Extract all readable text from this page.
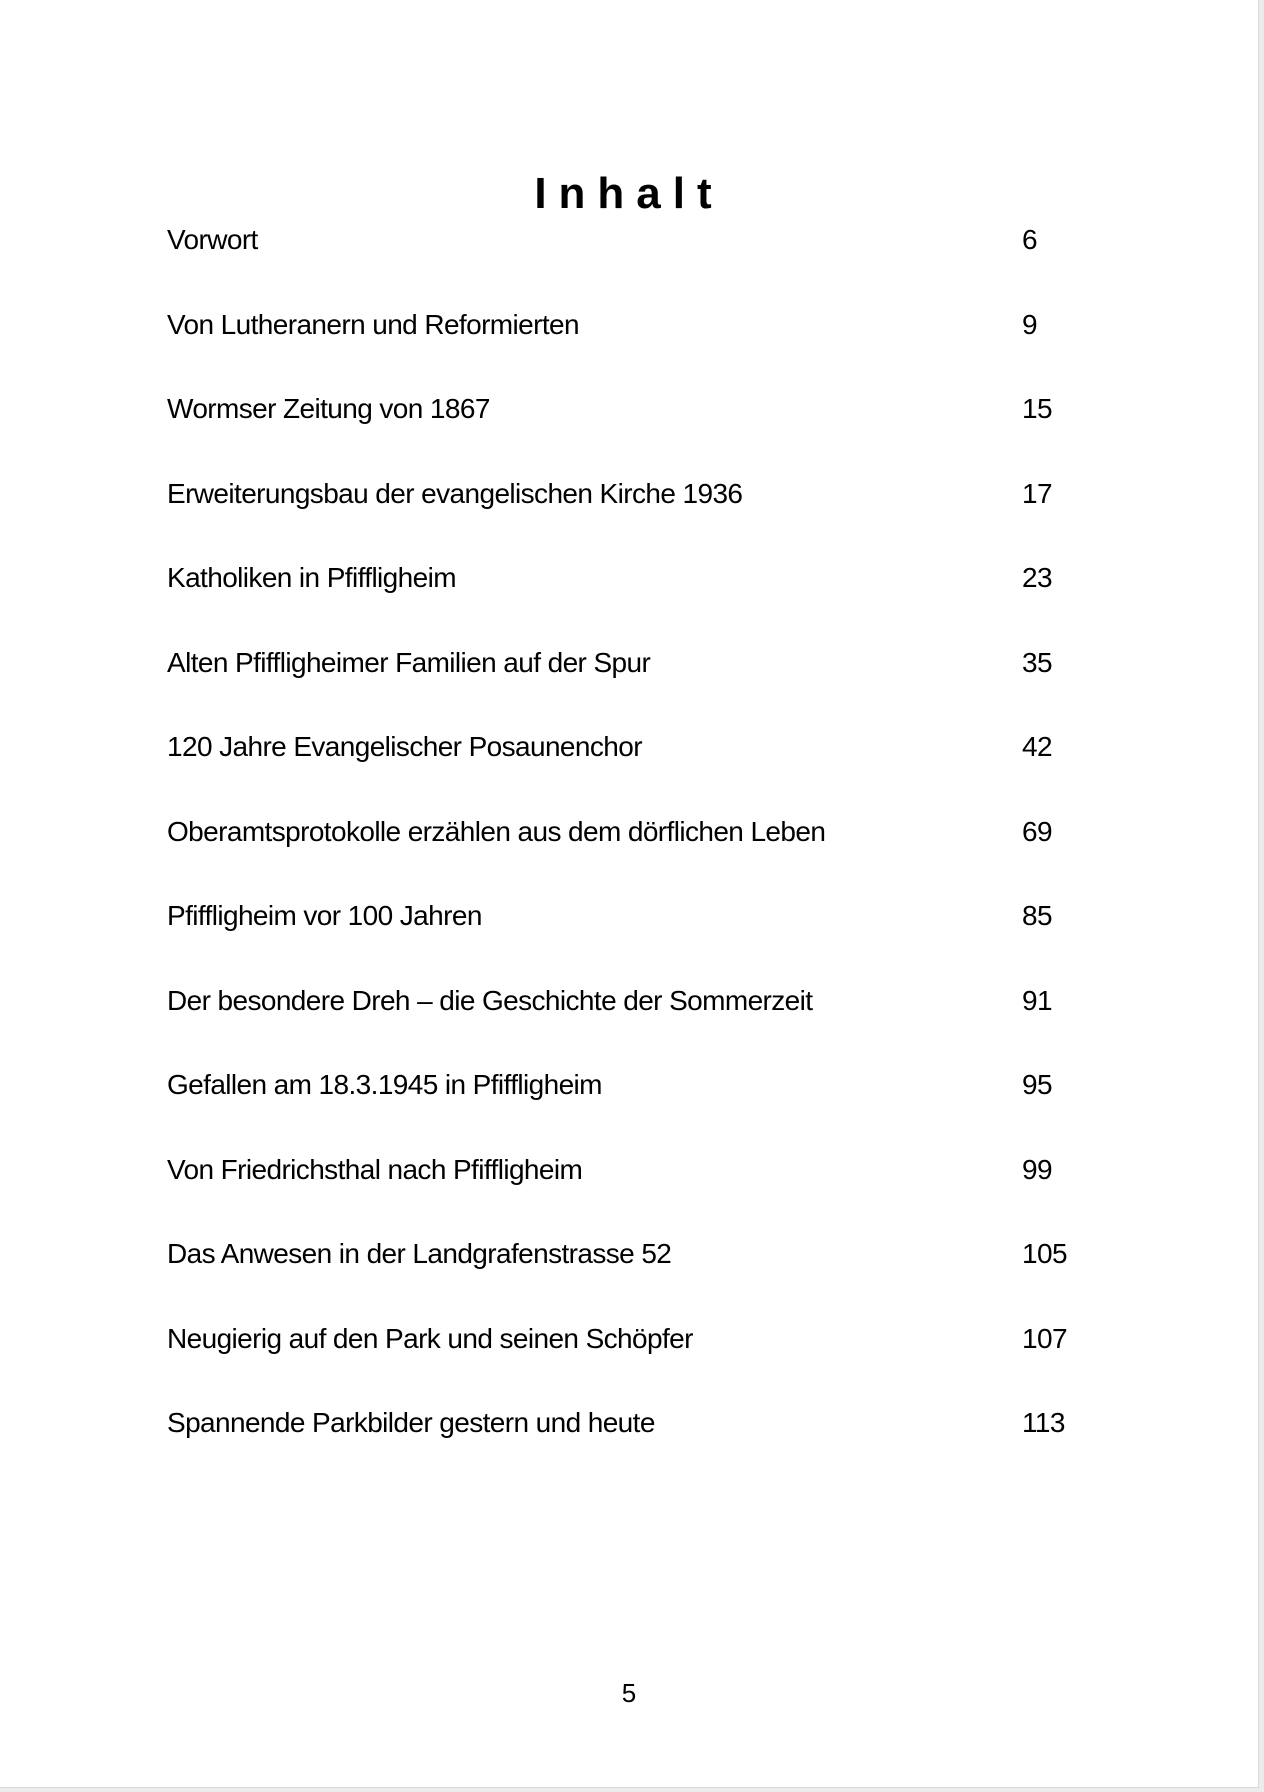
Inhalt
Vorwort	6
Von Lutheranern und Reformierten	9
Wormser Zeitung von 1867	15
Erweiterungsbau der evangelischen Kirche 1936	17
Katholiken in Pfiffligheim	23
Alten Pfiffligheimer Familien auf der Spur	35
120 Jahre Evangelischer Posaunenchor	42
Oberamtsprotokolle erzählen aus dem dörflichen Leben	69
Pfiffligheim vor 100 Jahren	85
Der besondere Dreh – die Geschichte der Sommerzeit	91
Gefallen am 18.3.1945 in Pfiffligheim	95
Von Friedrichsthal nach Pfiffligheim	99
Das Anwesen in der Landgrafenstrasse 52	105
Neugierig auf den Park und seinen Schöpfer	107
Spannende Parkbilder gestern und heute	113
5
